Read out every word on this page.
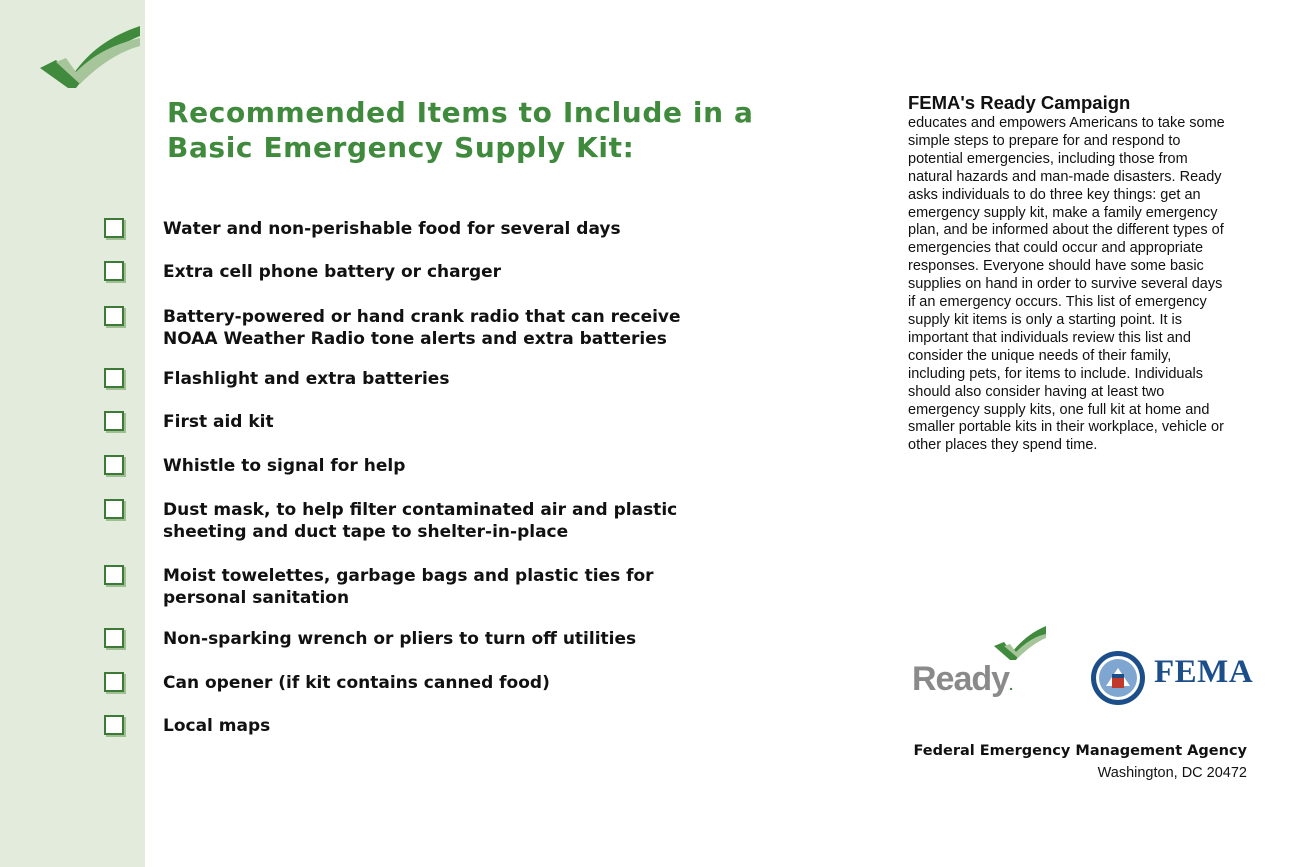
Recommended Items to Include in a Basic Emergency Supply Kit:
Water and non-perishable food for several days
Extra cell phone battery or charger
Battery-powered or hand crank radio that can receive
NOAA Weather Radio tone alerts and extra batteries
Flashlight and extra batteries
First aid kit
Whistle to signal for help
Dust mask, to help filter contaminated air and plastic
sheeting and duct tape to shelter-in-place
Moist towelettes, garbage bags and plastic ties for
personal sanitation
Non-sparking wrench or pliers to turn off utilities
Can opener (if kit contains canned food)
Local maps
FEMA's Ready Campaign
educates and empowers Americans to take some simple steps to prepare for and respond to potential emergencies, including those from natural hazards and man-made disasters. Ready asks individuals to do three key things: get an emergency supply kit, make a family emergency plan, and be informed about the different types of emergencies that could occur and appropriate responses. Everyone should have some basic supplies on hand in order to survive several days if an emergency occurs. This list of emergency supply kit items is only a starting point. It is important that individuals review this list and consider the unique needs of their family, including pets, for items to include. Individuals should also consider having at least two emergency supply kits, one full kit at home and smaller portable kits in their workplace, vehicle or other places they spend time.
Ready.	FEMA
Federal Emergency Management Agency
Washington, DC 20472
